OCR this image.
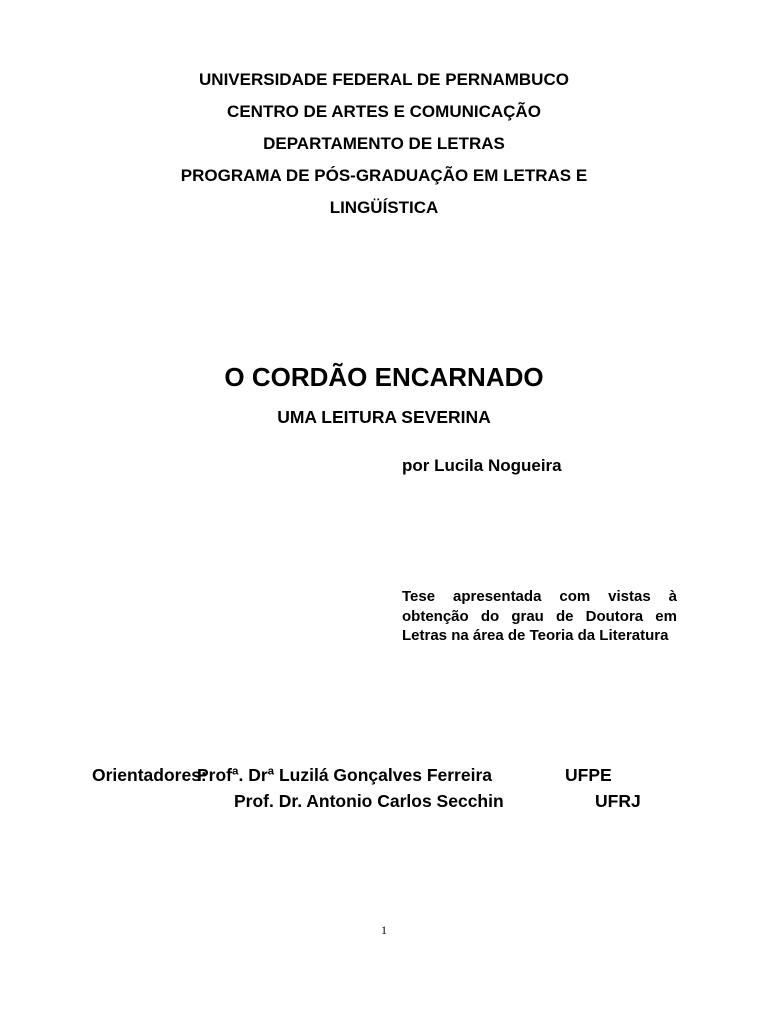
UNIVERSIDADE FEDERAL DE PERNAMBUCO
CENTRO DE ARTES E COMUNICAÇÃO
DEPARTAMENTO DE LETRAS
PROGRAMA DE PÓS-GRADUAÇÃO EM LETRAS E
LINGÜÍSTICA
O CORDÃO ENCARNADO
UMA LEITURA SEVERINA
por Lucila Nogueira
Tese apresentada com vistas à obtenção do grau de Doutora em Letras na área de Teoria da Literatura
Orientadores:
Profª. Drª Luzilá Gonçalves Ferreira	UFPE
Prof. Dr. Antonio Carlos Secchin	UFRJ
1
